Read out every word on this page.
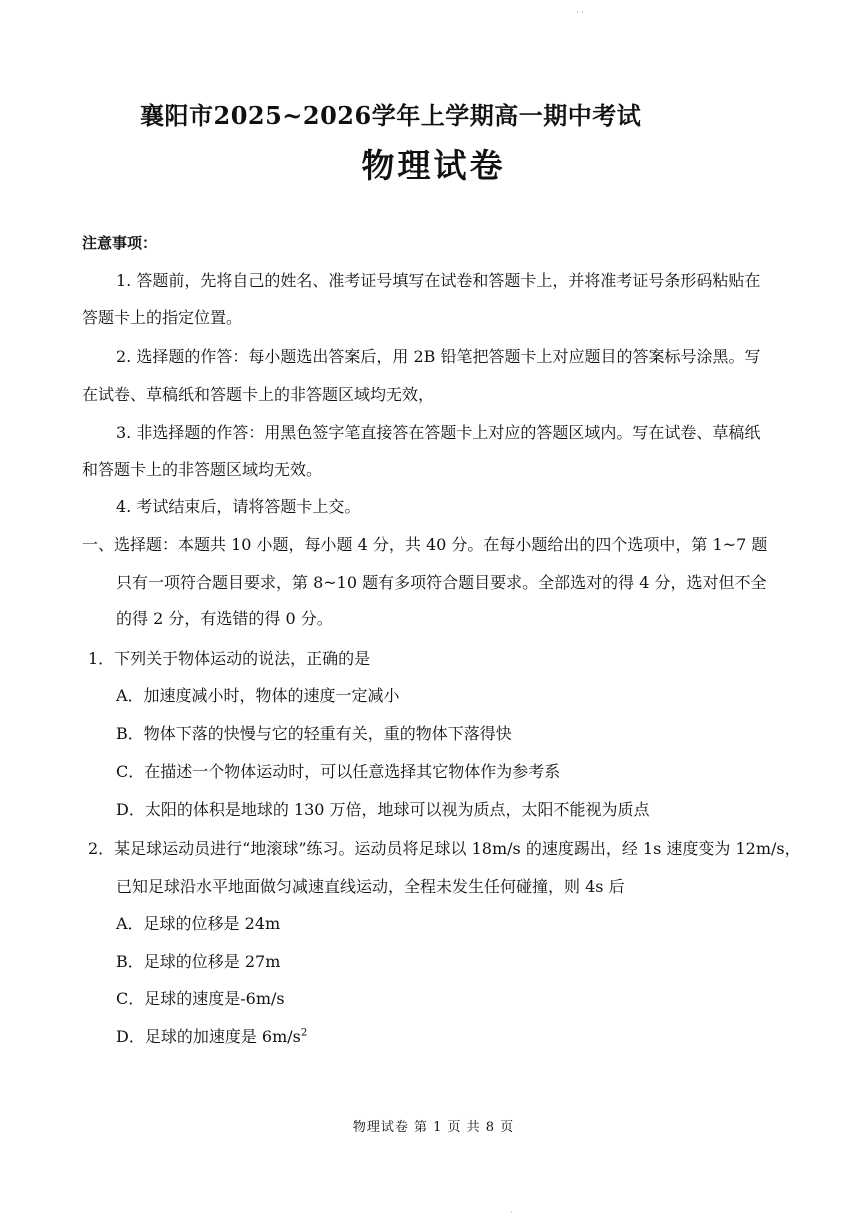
· ·
襄阳市2025~2026学年上学期高一期中考试
物理试卷
注意事项：
1. 答题前，先将自己的姓名、准考证号填写在试卷和答题卡上，并将准考证号条形码粘贴在
答题卡上的指定位置。
2. 选择题的作答：每小题选出答案后，用 2B 铅笔把答题卡上对应题目的答案标号涂黑。写
在试卷、草稿纸和答题卡上的非答题区域均无效，
3. 非选择题的作答：用黑色签字笔直接答在答题卡上对应的答题区域内。写在试卷、草稿纸
和答题卡上的非答题区域均无效。
4. 考试结束后，请将答题卡上交。
一、选择题：本题共 10 小题，每小题 4 分，共 40 分。在每小题给出的四个选项中，第 1~7 题
只有一项符合题目要求，第 8~10 题有多项符合题目要求。全部选对的得 4 分，选对但不全
的得 2 分，有选错的得 0 分。
1．下列关于物体运动的说法，正确的是
A．加速度减小时，物体的速度一定减小
B．物体下落的快慢与它的轻重有关，重的物体下落得快
C．在描述一个物体运动时，可以任意选择其它物体作为参考系
D．太阳的体积是地球的 130 万倍，地球可以视为质点，太阳不能视为质点
2．某足球运动员进行“地滚球”练习。运动员将足球以 18m/s 的速度踢出，经 1s 速度变为 12m/s，
已知足球沿水平地面做匀减速直线运动，全程未发生任何碰撞，则 4s 后
A．足球的位移是 24m
B．足球的位移是 27m
C．足球的速度是-6m/s
D．足球的加速度是 $6m/s^2$
物理试卷 第 1 页 共 8 页
·
